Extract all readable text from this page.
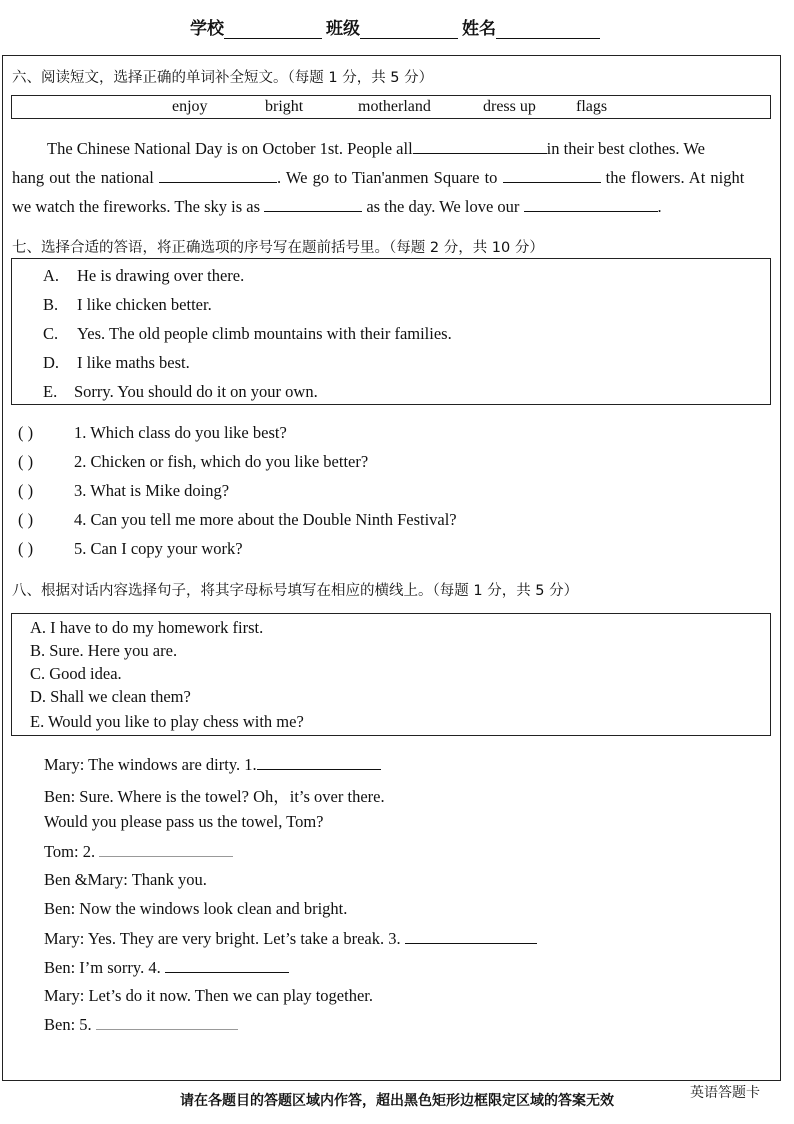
学校	班级	姓名
六、阅读短文，选择正确的单词补全短文。（每题 1 分，共 5 分）
enjoy	bright	motherland	dress up	flags
The Chinese National Day is on October 1st. People all	in their best clothes. We
hang out the national	. We go to Tian'anmen Square to	the flowers. At night
we watch the fireworks. The sky is as	as the day. We love our	.
七、选择合适的答语，将正确选项的序号写在题前括号里。（每题 2 分，共 10 分）
A. He is drawing over there.
B. I like chicken better.
C. Yes. The old people climb mountains with their families.
D. I like maths best.
E. Sorry. You should do it on your own.
( ) 1. Which class do you like best?
( ) 2. Chicken or fish, which do you like better?
( ) 3. What is Mike doing?
( ) 4. Can you tell me more about the Double Ninth Festival?
( ) 5. Can I copy your work?
八、根据对话内容选择句子，将其字母标号填写在相应的横线上。（每题 1 分，共 5 分）
A. I have to do my homework first.
B. Sure. Here you are.
C. Good idea.
D. Shall we clean them?
E. Would you like to play chess with me?
Mary: The windows are dirty. 1.
Ben: Sure. Where is the towel? Oh，it’s over there.
Would you please pass us the towel, Tom?
Tom: 2.
Ben &Mary: Thank you.
Ben: Now the windows look clean and bright.
Mary: Yes. They are very bright. Let’s take a break. 3.
Ben: I’m sorry. 4.
Mary: Let’s do it now. Then we can play together.
Ben: 5.
请在各题目的答题区域内作答，超出黑色矩形边框限定区域的答案无效	英语答题卡
